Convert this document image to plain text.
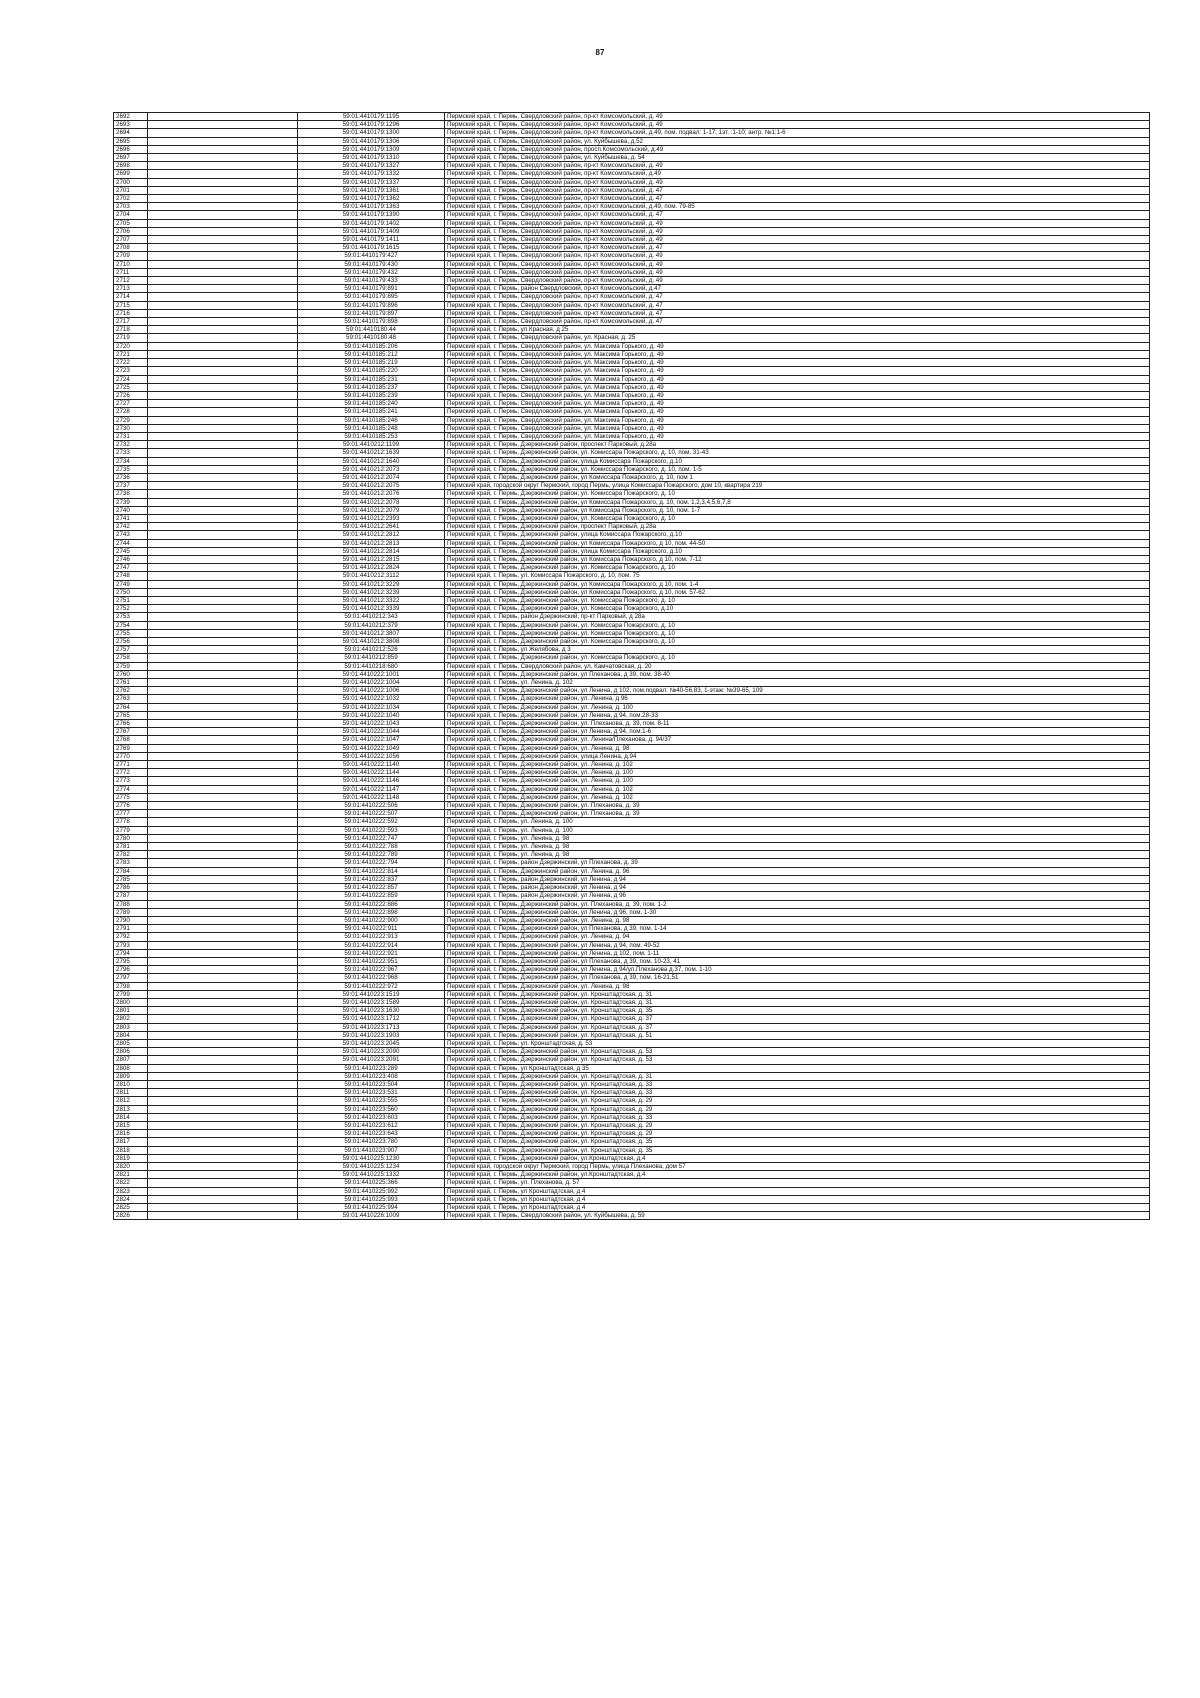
87
2692		59:01:4410179:1195	Пермский край, г. Пермь, Свердловский район, пр-кт Комсомольский, д. 49
2693		59:01:4410179:1296	Пермский край, г. Пермь, Свердловский район, пр-кт Комсомольский, д. 49
2694		59:01:4410179:1300	Пермский край, г. Пермь, Свердловский район, пр-кт Комсомольский, д.49, пом. подвал: 1-17; 1эт. :1-10; антр. №1:1-6
2695		59:01:4410179:1306	Пермский край, г. Пермь, Свердловский район, ул. Куйбышева, д.52
2696		59:01:4410179:1309	Пермский край, г. Пермь, Свердловский район, просп.Комсомольский, д.49
2697		59:01:4410179:1310	Пермский край, г. Пермь, Свердловский район, ул. Куйбышева, д. 54
2698		59:01:4410179:1327	Пермский край, г. Пермь, Свердловский район, пр-кт Комсомольский, д. 49
2699		59:01:4410179:1332	Пермский край, г. Пермь, Свердловский район, пр-кт Комсомольский, д.49
2700		59:01:4410179:1337	Пермский край, г. Пермь, Свердловский район, пр-кт Комсомольский, д. 49
2701		59:01:4410179:1361	Пермский край, г. Пермь, Свердловский район, пр-кт Комсомольский, д. 47
2702		59:01:4410179:1362	Пермский край, г. Пермь, Свердловский район, пр-кт Комсомольский, д. 47
2703		59:01:4410179:1363	Пермский край, г. Пермь, Свердловский район, пр-кт Комсомольский, д.49, пом. 79-85
2704		59:01:4410179:1390	Пермский край, г. Пермь, Свердловский район, пр-кт Комсомольский, д. 47
2705		59:01:4410179:1402	Пермский край, г. Пермь, Свердловский район, пр-кт Комсомольский, д. 49
2706		59:01:4410179:1409	Пермский край, г. Пермь, Свердловский район, пр-кт Комсомольский, д. 49
2707		59:01:4410179:1411	Пермский край, г. Пермь, Свердловский район, пр-кт Комсомольский, д. 49
2708		59:01:4410179:1615	Пермский край, г. Пермь, Свердловский район, пр-кт Комсомольский, д. 47
2709		59:01:4410179:427	Пермский край, г. Пермь, Свердловский район, пр-кт Комсомольский, д. 49
2710		59:01:4410179:430	Пермский край, г. Пермь, Свердловский район, пр-кт Комсомольский, д. 49
2711		59:01:4410179:432	Пермский край, г. Пермь, Свердловский район, пр-кт Комсомольский, д. 49
2712		59:01:4410179:433	Пермский край, г. Пермь, Свердловский район, пр-кт Комсомольский, д. 49
2713		59:01:4410179:891	Пермский край, г. Пермь, район Свердловский, пр-кт Комсомольский, д.47
2714		59:01:4410179:895	Пермский край, г. Пермь, Свердловский район, пр-кт Комсомольский, д. 47
2715		59:01:4410179:896	Пермский край, г. Пермь, Свердловский район, пр-кт Комсомольский, д. 47
2716		59:01:4410179:897	Пермский край, г. Пермь, Свердловский район, пр-кт Комсомольский, д. 47
2717		59:01:4410179:898	Пермский край, г. Пермь, Свердловский район, пр-кт Комсомольский, д. 47
2718		59:01:4410180:44	Пермский край, г. Пермь, ул Красная, д 25
2719		59:01:4410180:48	Пермский край, г. Пермь, Свердловский район, ул. Красная, д. 25
2720		59:01:4410185:206	Пермский край, г. Пермь, Свердловский район, ул. Максима Горького, д. 49
2721		59:01:4410185:212	Пермский край, г. Пермь, Свердловский район, ул. Максима Горького, д. 49
2722		59:01:4410185:219	Пермский край, г. Пермь, Свердловский район, ул. Максима Горького, д. 49
2723		59:01:4410185:220	Пермский край, г. Пермь, Свердловский район, ул. Максима Горького, д. 49
2724		59:01:4410185:231	Пермский край, г. Пермь, Свердловский район, ул. Максима Горького, д. 49
2725		59:01:4410185:237	Пермский край, г. Пермь, Свердловский район, ул. Максима Горького, д. 49
2726		59:01:4410185:239	Пермский край, г. Пермь, Свердловский район, ул. Максима Горького, д. 49
2727		59:01:4410185:240	Пермский край, г. Пермь, Свердловский район, ул. Максима Горького, д. 49
2728		59:01:4410185:241	Пермский край, г. Пермь, Свердловский район, ул. Максима Горького, д. 49
2729		59:01:4410185:246	Пермский край, г. Пермь, Свердловский район, ул. Максима Горького, д. 49
2730		59:01:4410185:248	Пермский край, г. Пермь, Свердловский район, ул. Максима Горького, д. 49
2731		59:01:4410185:253	Пермский край, г. Пермь, Свердловский район, ул. Максима Горького, д. 49
2732		59:01:4410212:1199	Пермский край, г. Пермь, Дзержинский район, проспект Парковый, д.28а
2733		59:01:4410212:1639	Пермский край, г. Пермь, Дзержинский район, ул. Комиссара Пожарского, д. 10, пом. 31-43
2734		59:01:4410212:1640	Пермский край, г. Пермь, Дзержинский район, улица Комиссара Пожарского, д.10
2735		59:01:4410212:2073	Пермский край, г. Пермь, Дзержинский район, ул. Комиссара Пожарского, д. 10, пом. 1-5
2736		59:01:4410212:2074	Пермский край, г. Пермь, Дзержинский район, ул Комиссара Пожарского, д. 10, пом 1
2737		59:01:4410212:2075	Пермский край, городской округ Пермский, город Пермь, улица Комиссара Пожарского, дом 10, квартира 219
2738		59:01:4410212:2076	Пермский край, г. Пермь, Дзержинский район, ул. Комиссара Пожарского, д. 10
2739		59:01:4410212:2078	Пермский край, г. Пермь, Дзержинский район, ул Комиссара Пожарского, д. 10, пом. 1,2,3,4,5,6,7,8
2740		59:01:4410212:2079	Пермский край, г. Пермь, Дзержинский район, ул Комиссара Пожарского, д. 10, пом. 1-7
2741		59:01:4410212:2393	Пермский край, г. Пермь, Дзержинский район, ул. Комиссара Пожарского, д. 10
2742		59:01:4410212:2641	Пермский край, г. Пермь, Дзержинский район, проспект Парковый, д.28а
2743		59:01:4410212:2812	Пермский край, г. Пермь, Дзержинский район, улица Комиссара Пожарского, д.10
2744		59:01:4410212:2813	Пермский край, г. Пермь, Дзержинский район, ул Комиссара Пожарского, д 10, пом. 44-50
2745		59:01:4410212:2814	Пермский край, г. Пермь, Дзержинский район, улица Комиссара Пожарского, д.10
2746		59:01:4410212:2815	Пермский край, г. Пермь, Дзержинский район, ул Комиссара Пожарского, д 10, пом. 7-12
2747		59:01:4410212:2824	Пермский край, г. Пермь, Дзержинский район, ул. Комиссара Пожарского, д. 10
2748		59:01:4410212:3112	Пермский край, г. Пермь, ул. Комиссара Пожарского, д. 10, пом. 75
2749		59:01:4410212:3229	Пермский край, г. Пермь, Дзержинский район, ул Комиссара Пожарского, д 10, пом. 1-4
2750		59:01:4410212:3239	Пермский край, г. Пермь, Дзержинский район, ул Комиссара Пожарского, д 10, пом. 57-62
2751		59:01:4410212:3322	Пермский край, г. Пермь, Дзержинский район, ул. Комиссара Пожарского, д. 10
2752		59:01:4410212:3339	Пермский край, г. Пермь, Дзержинский район, ул. Комиссара Пожарского, д.10
2753		59:01:4410212:343	Пермский край, г. Пермь, район Дзержинский, пр-кт Парковый, д 28а
2754		59:01:4410212:379	Пермский край, г. Пермь, Дзержинский район, ул. Комиссара Пожарского, д. 10
2755		59:01:4410212:3807	Пермский край, г. Пермь, Дзержинский район, ул. Комиссара Пожарского, д. 10
2756		59:01:4410212:3808	Пермский край, г. Пермь, Дзержинский район, ул. Комиссара Пожарского, д. 10
2757		59:01:4410212:526	Пермский край, г. Пермь, ул Желябова, д 3
2758		59:01:4410212:859	Пермский край, г. Пермь, Дзержинский район, ул. Комиссара Пожарского, д. 10
2759		59:01:4410218:680	Пермский край, г. Пермь, Свердловский район, ул. Камчатовская, д. 20
2760		59:01:4410222:1001	Пермский край, г. Пермь, Дзержинский район, ул Плеханова, д 39, пом. 38-40
2761		59:01:4410222:1004	Пермский край, г. Пермь, ул. Ленина, д. 102
2762		59:01:4410222:1006	Пермский край, г. Пермь, Дзержинский район, ул Ленина, д 102, пом.подвал: №40-56,83, 1-этаж: №39-65, 109
2763		59:01:4410222:1032	Пермский край, г. Пермь, Дзержинский район, ул. Ленина, д 96
2764		59:01:4410222:1034	Пермский край, г. Пермь, Дзержинский район, ул. Ленина, д. 100
2765		59:01:4410222:1040	Пермский край, г. Пермь, Дзержинский район, ул Ленина, д 94, пом.28-33
2766		59:01:4410222:1043	Пермский край, г. Пермь, Дзержинский район, ул. Плеханова, д. 39, пом. 8-11
2767		59:01:4410222:1044	Пермский край, г. Пермь, Дзержинский район, ул Ленина, д 94, пом.1-6
2768		59:01:4410222:1047	Пермский край, г. Пермь, Дзержинский район, ул. Ленина/Плеханова, д. 94/37
2769		59:01:4410222:1049	Пермский край, г. Пермь, Дзержинский район, ул. Ленина, д. 98
2770		59:01:4410222:1056	Пермский край, г. Пермь, Дзержинский район, улица Ленина, д.94
2771		59:01:4410222:1140	Пермский край, г. Пермь, Дзержинский район, ул. Ленина, д. 102
2772		59:01:4410222:1144	Пермский край, г. Пермь, Дзержинский район, ул. Ленина, д. 100
2773		59:01:4410222:1146	Пермский край, г. Пермь, Дзержинский район, ул. Ленина, д. 100
2774		59:01:4410222:1147	Пермский край, г. Пермь, Дзержинский район, ул. Ленина, д. 102
2775		59:01:4410222:1148	Пермский край, г. Пермь, Дзержинский район, ул. Ленина, д. 102
2776		59:01:4410222:506	Пермский край, г. Пермь, Дзержинский район, ул. Плеханова, д. 39
2777		59:01:4410222:507	Пермский край, г. Пермь, Дзержинский район, ул. Плеханова, д. 39
2778		59:01:4410222:592	Пермский край, г. Пермь, ул. Ленина, д. 100
2779		59:01:4410222:593	Пермский край, г. Пермь, ул. Ленина, д. 100
2780		59:01:4410222:747	Пермский край, г. Пермь, ул. Ленина, д. 98
2781		59:01:4410222:788	Пермский край, г. Пермь, ул. Ленина, д. 98
2782		59:01:4410222:789	Пермский край, г. Пермь, ул. Ленина, д. 98
2783		59:01:4410222:794	Пермский край, г. Пермь, район Дзержинский, ул Плеханова, д. 39
2784		59:01:4410222:814	Пермский край, г. Пермь, Дзержинский район, ул. Ленина, д. 96
2785		59:01:4410222:837	Пермский край, г. Пермь, район Дзержинский, ул Ленина, д 94
2786		59:01:4410222:857	Пермский край, г. Пермь, район Дзержинский, ул Ленина, д 94
2787		59:01:4410222:859	Пермский край, г. Пермь, район Дзержинский, ул Ленина, д 96
2788		59:01:4410222:886	Пермский край, г. Пермь, Дзержинский район, ул. Плеханова, д. 39, пом. 1-2
2789		59:01:4410222:898	Пермский край, г. Пермь, Дзержинский район, ул Ленина, д 96, пом. 1-30
2790		59:01:4410222:900	Пермский край, г. Пермь, Дзержинский район, ул. Ленина, д. 98
2791		59:01:4410222:911	Пермский край, г. Пермь, Дзержинский район, ул Плеханова, д 39, пом. 1-14
2792		59:01:4410222:913	Пермский край, г. Пермь, Дзержинский район, ул. Ленина, д. 94
2793		59:01:4410222:914	Пермский край, г. Пермь, Дзержинский район, ул Ленина, д 94, пом. 49-52
2794		59:01:4410222:921	Пермский край, г. Пермь, Дзержинский район, ул Ленина, д 102, пом. 1-11
2795		59:01:4410222:951	Пермский край, г. Пермь, Дзержинский район, ул Плеханова, д 39, пом. 10-23, 41
2796		59:01:4410222:967	Пермский край, г. Пермь, Дзержинский район, ул Ленина, д 94/ул.Плеханова д.37, пом. 1-10
2797		59:01:4410222:968	Пермский край, г. Пермь, Дзержинский район, ул Плеханова, д 39, пом. 16-21,51
2798		59:01:4410222:972	Пермский край, г. Пермь, Дзержинский район, ул. Ленина, д. 98
2799		59:01:4410223:1519	Пермский край, г. Пермь, Дзержинский район, ул. Кронштадтская, д. 31
2800		59:01:4410223:1589	Пермский край, г. Пермь, Дзержинский район, ул. Кронштадтская, д. 31
2801		59:01:4410223:1630	Пермский край, г. Пермь, Дзержинский район, ул. Кронштадтская, д. 35
2802		59:01:4410223:1712	Пермский край, г. Пермь, Дзержинский район, ул. Кронштадтская, д. 37
2803		59:01:4410223:1713	Пермский край, г. Пермь, Дзержинский район, ул. Кронштадтская, д. 37
2804		59:01:4410223:1903	Пермский край, г. Пермь, Дзержинский район, ул. Кронштадтская, д. 51
2805		59:01:4410223:2045	Пермский край, г. Пермь, ул. Кронштадтская, д. 53
2806		59:01:4410223:2090	Пермский край, г. Пермь, Дзержинский район, ул. Кронштадтская, д. 53
2807		59:01:4410223:2091	Пермский край, г. Пермь, Дзержинский район, ул. Кронштадтская, д. 53
2808		59:01:4410223:289	Пермский край, г. Пермь, ул Кронштадтская, д 35
2809		59:01:4410223:408	Пермский край, г. Пермь, Дзержинский район, ул. Кронштадтская, д. 31
2810		59:01:4410223:504	Пермский край, г. Пермь, Дзержинский район, ул. Кронштадтская, д. 33
2811		59:01:4410223:531	Пермский край, г. Пермь, Дзержинский район, ул. Кронштадтская, д. 33
2812		59:01:4410223:555	Пермский край, г. Пермь, Дзержинский район, ул. Кронштадтская, д. 29
2813		59:01:4410223:560	Пермский край, г. Пермь, Дзержинский район, ул. Кронштадтская, д. 29
2814		59:01:4410223:603	Пермский край, г. Пермь, Дзержинский район, ул. Кронштадтская, д. 33
2815		59:01:4410223:612	Пермский край, г. Пермь, Дзержинский район, ул. Кронштадтская, д. 29
2816		59:01:4410223:643	Пермский край, г. Пермь, Дзержинский район, ул. Кронштадтская, д. 29
2817		59:01:4410223:780	Пермский край, г. Пермь, Дзержинский район, ул. Кронштадтская, д. 35
2818		59:01:4410223:907	Пермский край, г. Пермь, Дзержинский район, ул. Кронштадтская, д. 35
2819		59:01:4410225:1230	Пермский край, г. Пермь, Дзержинский район, ул.Кронштадтская, д.4
2820		59:01:4410225:1234	Пермский край, городской округ Пермский, город Пермь, улица Плеханова, дом 57
2821		59:01:4410225:1332	Пермский край, г. Пермь, Дзержинский район, ул.Кронштадтская, д.4
2822		59:01:4410225:366	Пермский край, г. Пермь, ул. Плеханова, д. 57
2823		59:01:4410225:992	Пермский край, г. Пермь, ул Кронштадтская, д 4
2824		59:01:4410225:993	Пермский край, г. Пермь, ул Кронштадтская, д 4
2825		59:01:4410225:994	Пермский край, г. Пермь, ул Кронштадтская, д 4
2826		59:01:4410226:1009	Пермский край, г. Пермь, Свердловский район, ул. Куйбышева, д. 59
